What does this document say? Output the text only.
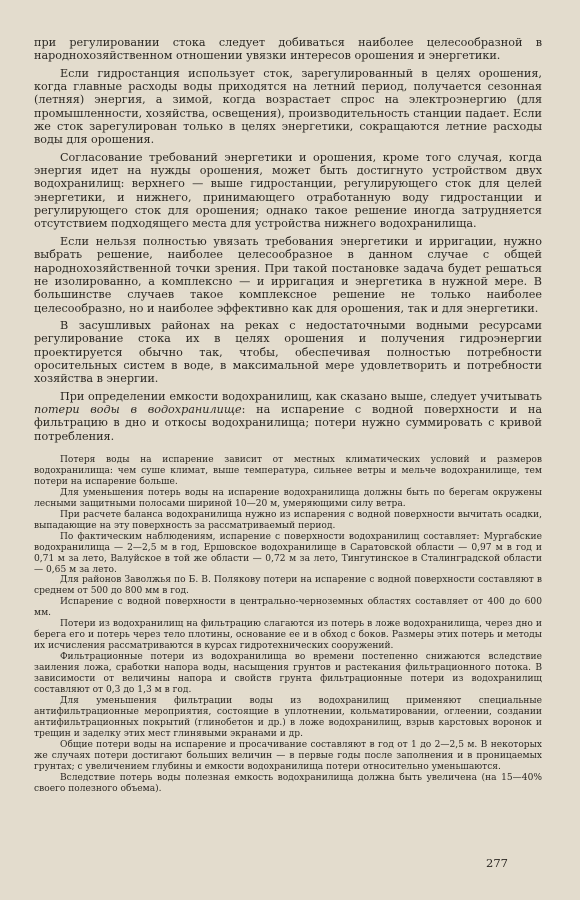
при регулировании стока следует добиваться наиболее целесообразной в народнохозяйственном отношении увязки интересов орошения и энергетики.

Если гидростанция использует сток, зарегулированный в целях орошения, когда главные расходы воды приходятся на летний период, получается сезонная (летняя) энергия, а зимой, когда возрастает спрос на электроэнергию (для промышленности, хозяйства, освещения), производительность станции падает. Если же сток зарегулирован только в целях энергетики, сокращаются летние расходы воды для орошения.

Согласование требований энергетики и орошения, кроме того случая, когда энергия идет на нужды орошения, может быть достигнуто устройством двух водохранилищ: верхнего — выше гидростанции, регулирующего сток для целей энергетики, и нижнего, принимающего отработанную воду гидростанции и регулирующего сток для орошения; однако такое решение иногда затрудняется отсутствием подходящего места для устройства нижнего водохранилища.

Если нельзя полностью увязать требования энергетики и ирригации, нужно выбрать решение, наиболее целесообразное в данном случае с общей народнохозяйственной точки зрения. При такой постановке задача будет решаться не изолированно, а комплексно — и ирригация и энергетика в нужной мере. В большинстве случаев такое комплексное решение не только наиболее целесообразно, но и наиболее эффективно как для орошения, так и для энергетики.

В засушливых районах на реках с недостаточными водными ресурсами регулирование стока их в целях орошения и получения гидроэнергии проектируется обычно так, чтобы, обеспечивая полностью потребности оросительных систем в воде, в максимальной мере удовлетворить и потребности хозяйства в энергии.

При определении емкости водохранилищ, как сказано выше, следует учитывать потери воды в водохранилище: на испарение с водной поверхности и на фильтрацию в дно и откосы водохранилища; потери нужно суммировать с кривой потребления.

Потеря воды на испарение зависит от местных климатических условий и размеров водохранилища: чем суше климат, выше температура, сильнее ветры и мельче водохранилище, тем потери на испарение больше.

Для уменьшения потерь воды на испарение водохранилища должны быть по берегам окружены лесными защитными полосами шириной 10—20 м, умеряющими силу ветра.

При расчете баланса водохранилища нужно из испарения с водной поверхности вычитать осадки, выпадающие на эту поверхность за рассматриваемый период.

По фактическим наблюдениям, испарение с поверхности водохранилищ составляет: Мургабские водохранилища — 2—2,5 м в год, Ершовское водохранилище в Саратовской области — 0,97 м в год и 0,71 м за лето, Валуйское в той же области — 0,72 м за лето, Тингутинское в Сталинградской области — 0,65 м за лето.

Для районов Заволжья по Б. В. Полякову потери на испарение с водной поверхности составляют в среднем от 500 до 800 мм в год.

Испарение с водной поверхности в центрально-черноземных областях составляет от 400 до 600 мм.

Потери из водохранилищ на фильтрацию слагаются из потерь в ложе водохранилища, через дно и берега его и потерь через тело плотины, основание ее и в обход с боков. Размеры этих потерь и методы их исчисления рассматриваются в курсах гидротехнических сооружений.

Фильтрационные потери из водохранилища во времени постепенно снижаются вследствие заиления ложа, сработки напора воды, насыщения грунтов и растекания фильтрационного потока. В зависимости от величины напора и свойств грунта фильтрационные потери из водохранилищ составляют от 0,3 до 1,3 м в год.

Для уменьшения фильтрации воды из водохранилищ применяют специальные антифильтрационные мероприятия, состоящие в уплотнении, кольматировании, оглеении, создании антифильтрационных покрытий (глинобетон и др.) в ложе водохранилищ, взрыв карстовых воронок и трещин и заделку этих мест глинявыми экранами и др.

Общие потери воды на испарение и просачивание составляют в год от 1 до 2—2,5 м. В некоторых же случаях потери достигают больших величин — в первые годы после заполнения и в проницаемых грунтах; с увеличением глубины и емкости водохранилища потери относительно уменьшаются.

Вследствие потерь воды полезная емкость водохранилища должна быть увеличена (на 15—40% своего полезного объема).

277
